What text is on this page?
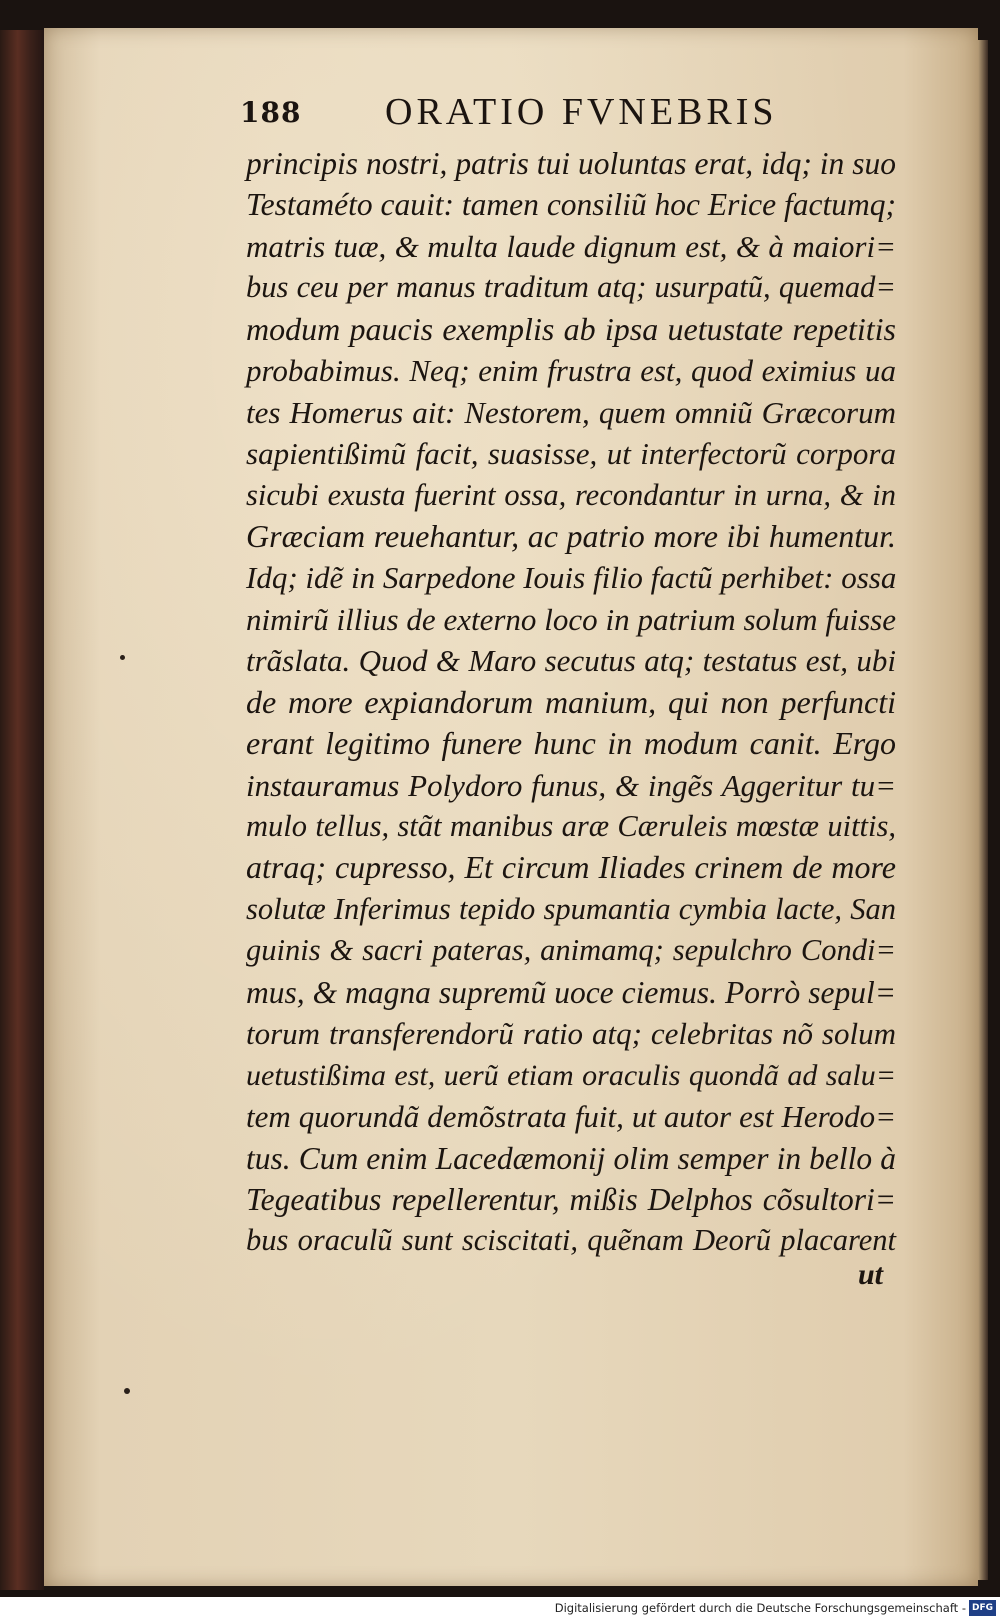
188 ORATIO FVNEBRIS
principis nostri, patris tui uoluntas erat, idq; in suo
Testaméto cauit: tamen consiliũ hoc Erice factumq;
matris tuæ, & multa laude dignum est, & à maiori=
bus ceu per manus traditum atq; usurpatũ, quemad=
modum paucis exemplis ab ipsa uetustate repetitis
probabimus. Neq; enim frustra est, quod eximius ua
tes Homerus ait: Nestorem, quem omniũ Græcorum
sapientißimũ facit, suasisse, ut interfectorũ corpora
sicubi exusta fuerint ossa, recondantur in urna, & in
Græciam reuehantur, ac patrio more ibi humentur.
Idq; idẽ in Sarpedone Iouis filio factũ perhibet: ossa
nimirũ illius de externo loco in patrium solum fuisse
trãslata. Quod & Maro secutus atq; testatus est, ubi
de more expiandorum manium, qui non perfuncti
erant legitimo funere hunc in modum canit. Ergo
instauramus Polydoro funus, & ingẽs Aggeritur tu=
mulo tellus, stãt manibus aræ Cæruleis mœstæ uittis,
atraq; cupresso, Et circum Iliades crinem de more
solutæ Inferimus tepido spumantia cymbia lacte, San
guinis & sacri pateras, animamq; sepulchro Condi=
mus, & magna supremũ uoce ciemus. Porrò sepul=
torum transferendorũ ratio atq; celebritas nõ solum
uetustißima est, uerũ etiam oraculis quondã ad salu=
tem quorundã demõstrata fuit, ut autor est Herodo=
tus. Cum enim Lacedæmonij olim semper in bello à
Tegeatibus repellerentur, mißis Delphos cõsultori=
bus oraculũ sunt sciscitati, quẽnam Deorũ placarent
ut
Digitalisierung gefördert durch die Deutsche Forschungsgemeinschaft - DFG
